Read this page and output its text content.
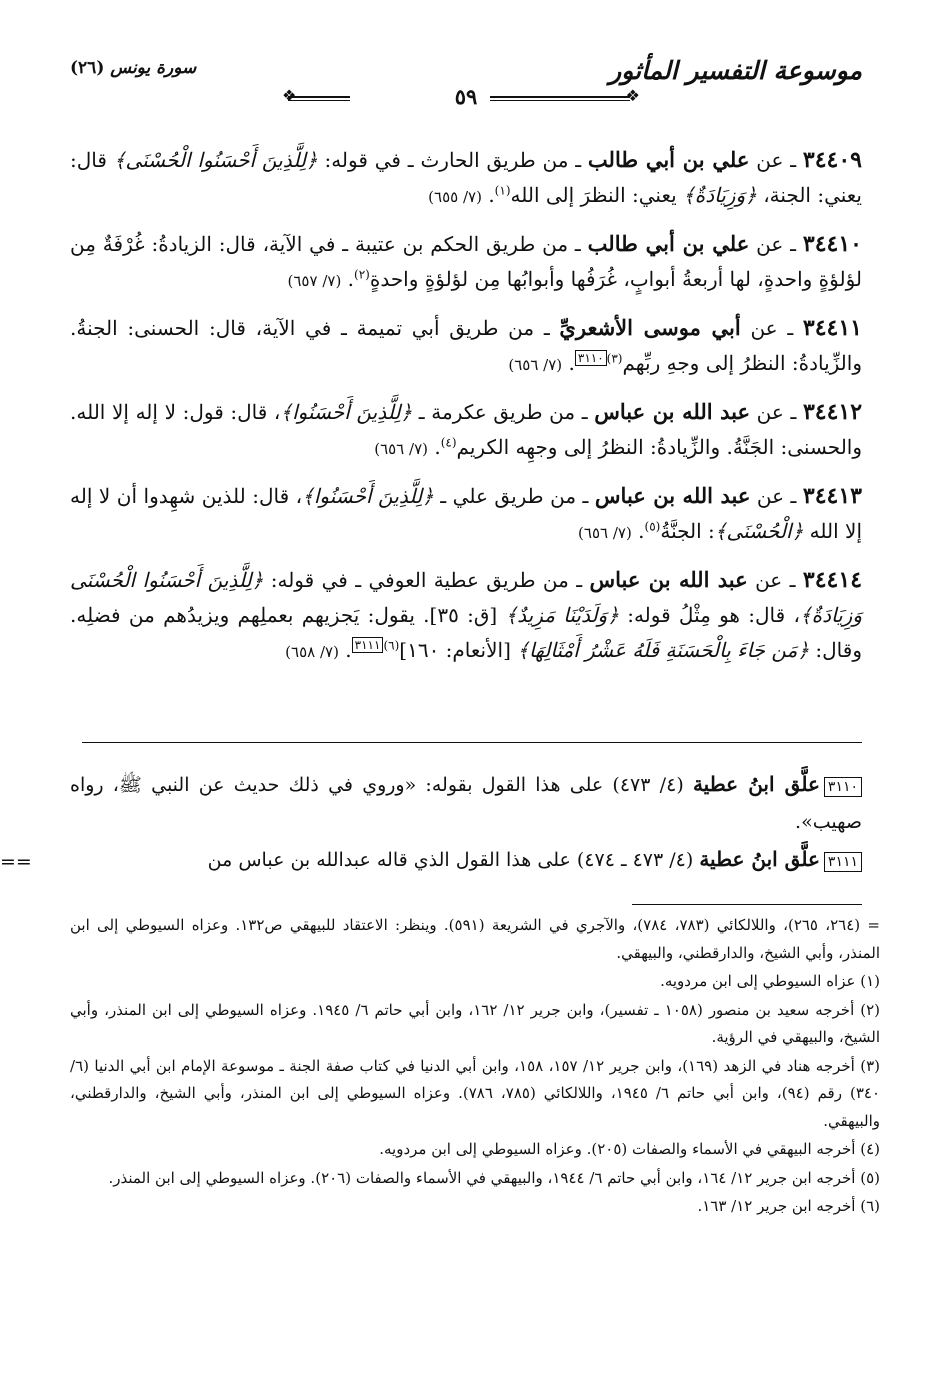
موسوعة التفسير المأثور
سورة يونس (٢٦)
❖
❖	٥٩

٣٤٤٠٩ ـ عن علي بن أبي طالب ـ من طريق الحارث ـ في قوله: ﴿لِلَّذِينَ أَحْسَنُوا الْحُسْنَى﴾ قال: يعني: الجنة، ﴿وَزِيَادَةٌ﴾ يعني: النظرَ إلى الله$^{(١)}$. (٧/ ٦٥٥)

٣٤٤١٠ ـ عن علي بن أبي طالب ـ من طريق الحكم بن عتيبة ـ في الآية، قال: الزيادةُ: غُرْفَةٌ مِن لؤلؤةٍ واحدةٍ، لها أربعةُ أبوابٍ، غُرَفُها وأبوابُها مِن لؤلؤةٍ واحدةٍ$^{(٢)}$. (٧/ ٦٥٧)

٣٤٤١١ ـ عن أبي موسى الأشعريِّ ـ من طريق أبي تميمة ـ في الآية، قال: الحسنى: الجنةُ. والزِّيادةُ: النظرُ إلى وجهِ ربِّهم$^{(٣)}$٣١١٠. (٧/ ٦٥٦)

٣٤٤١٢ ـ عن عبد الله بن عباس ـ من طريق عكرمة ـ ﴿لِلَّذِينَ أَحْسَنُوا﴾، قال: قول: لا إله إلا الله. والحسنى: الجَنَّةُ. والزِّيادةُ: النظرُ إلى وجهِه الكريم$^{(٤)}$. (٧/ ٦٥٦)

٣٤٤١٣ ـ عن عبد الله بن عباس ـ من طريق علي ـ ﴿لِلَّذِينَ أَحْسَنُوا﴾، قال: للذين شهِدوا أن لا إله إلا الله ﴿الْحُسْنَى﴾: الجنَّةُ$^{(٥)}$. (٧/ ٦٥٦)

٣٤٤١٤ ـ عن عبد الله بن عباس ـ من طريق عطية العوفي ـ في قوله: ﴿لِلَّذِينَ أَحْسَنُوا الْحُسْنَى وَزِيَادَةٌ﴾، قال: هو مِثْلُ قوله: ﴿وَلَدَيْنَا مَزِيدٌ﴾ [ق: ٣٥]. يقول: يَجزيهم بعملِهم ويزيدُهم من فضلِه. وقال: ﴿مَن جَاءَ بِالْحَسَنَةِ فَلَهُ عَشْرُ أَمْثَالِهَا﴾ [الأنعام: ١٦٠]$^{(٦)}$٣١١١. (٧/ ٦٥٨)

٣١١٠علَّق ابنُ عطية (٤/ ٤٧٣) على هذا القول بقوله: «وروي في ذلك حديث عن النبي ﷺ، رواه صهيب».
٣١١١علَّق ابنُ عطية (٤/ ٤٧٣ ـ ٤٧٤) على هذا القول الذي قاله عبدالله بن عباس من
==

= (٢٦٤، ٢٦٥)، واللالكائي (٧٨٣، ٧٨٤)، والآجري في الشريعة (٥٩١). وينظر: الاعتقاد للبيهقي ص١٣٢. وعزاه السيوطي إلى ابن المنذر، وأبي الشيخ، والدارقطني، والبيهقي.

(١) عزاه السيوطي إلى ابن مردويه.

(٢) أخرجه سعيد بن منصور (١٠٥٨ ـ تفسير)، وابن جرير ١٢/ ١٦٢، وابن أبي حاتم ٦/ ١٩٤٥. وعزاه السيوطي إلى ابن المنذر، وأبي الشيخ، والبيهقي في الرؤية.

(٣) أخرجه هناد في الزهد (١٦٩)، وابن جرير ١٢/ ١٥٧، ١٥٨، وابن أبي الدنيا في كتاب صفة الجنة ـ موسوعة الإمام ابن أبي الدنيا (٦/ ٣٤٠) رقم (٩٤)، وابن أبي حاتم ٦/ ١٩٤٥، واللالكائي (٧٨٥، ٧٨٦). وعزاه السيوطي إلى ابن المنذر، وأبي الشيخ، والدارقطني، والبيهقي.

(٤) أخرجه البيهقي في الأسماء والصفات (٢٠٥). وعزاه السيوطي إلى ابن مردويه.

(٥) أخرجه ابن جرير ١٢/ ١٦٤، وابن أبي حاتم ٦/ ١٩٤٤، والبيهقي في الأسماء والصفات (٢٠٦). وعزاه السيوطي إلى ابن المنذر.

(٦) أخرجه ابن جرير ١٢/ ١٦٣.
